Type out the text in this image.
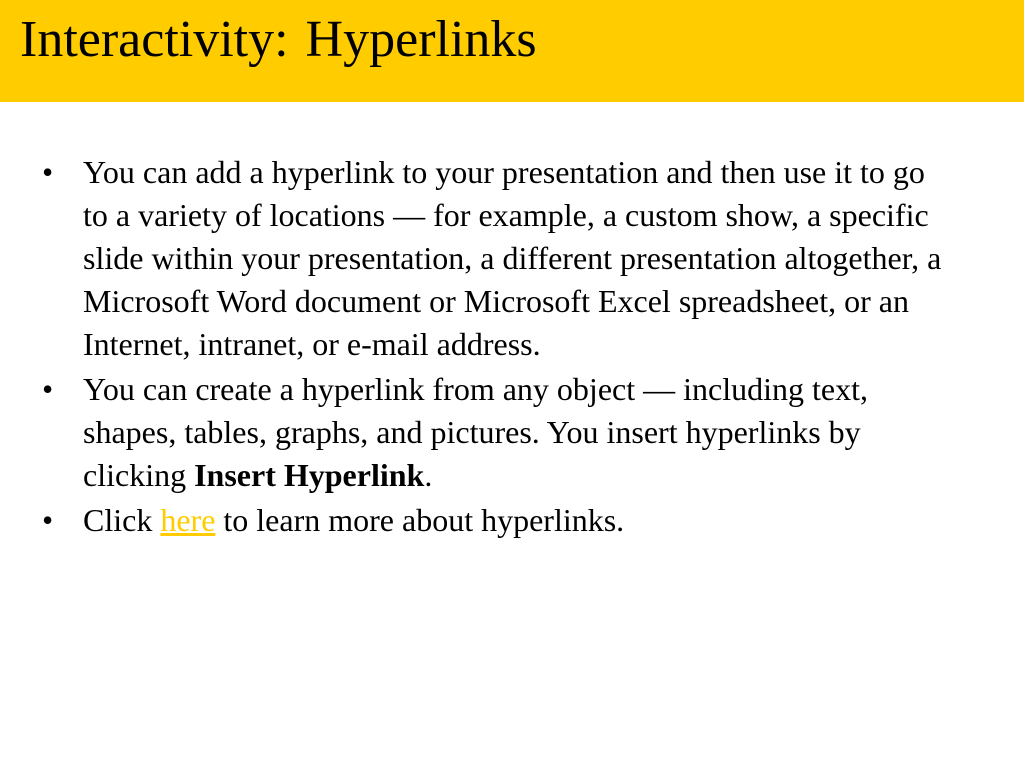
Interactivity: Hyperlinks
• You can add a hyperlink to your presentation and then use it to go to a variety of locations — for example, a custom show, a specific slide within your presentation, a different presentation altogether, a Microsoft Word document or Microsoft Excel spreadsheet, or an Internet, intranet, or e-mail address.
• You can create a hyperlink from any object — including text, shapes, tables, graphs, and pictures. You insert hyperlinks by clicking Insert Hyperlink.
• Click here to learn more about hyperlinks.
